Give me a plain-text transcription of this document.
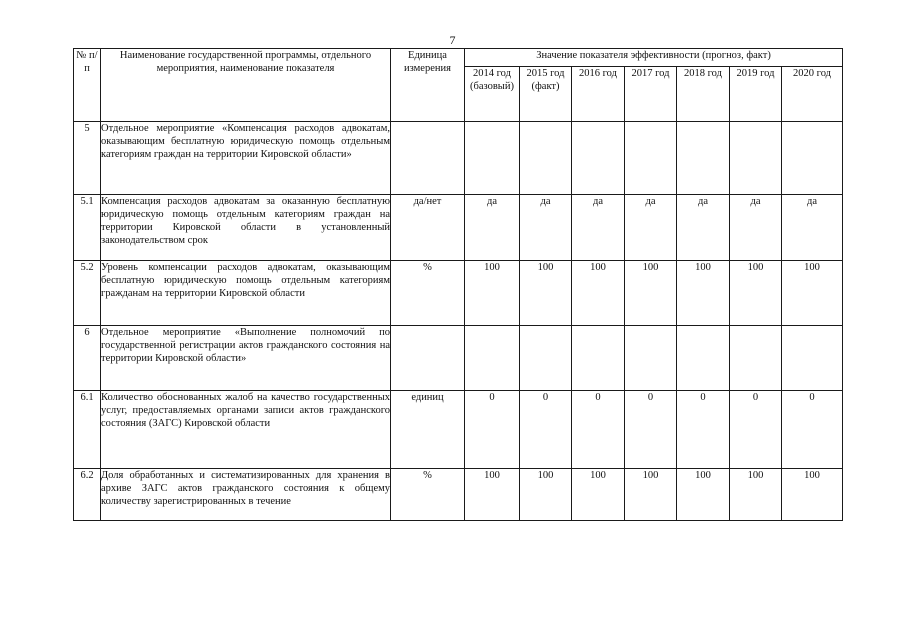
7
№ п/п	Наименование государственной программы, отдельного мероприятия, наименование показателя	Единица измерения	Значение показателя эффективности (прогноз, факт)						
			2014 год (базовый)	2015 год (факт)	2016 год	2017 год	2018 год	2019 год	2020 год
5	Отдельное мероприятие «Компенсация расходов адвокатам, оказывающим бесплатную юридическую помощь отдельным категориям граждан на территории Кировской области»								
5.1	Компенсация расходов адвокатам за оказанную бесплатную юридическую помощь отдельным категориям граждан на территории Кировской области в установленный законодательством срок	да/нет	да	да	да	да	да	да	да
5.2	Уровень компенсации расходов адвокатам, оказывающим бесплатную юридическую помощь отдельным категориям гражданам на территории Кировской области	%	100	100	100	100	100	100	100
6	Отдельное мероприятие «Выполнение полномочий по государственной регистрации актов гражданского состояния на территории Кировской области»								
6.1	Количество обоснованных жалоб на качество государственных услуг, предоставляемых органами записи актов гражданского состояния (ЗАГС) Кировской области	единиц	0	0	0	0	0	0	0
6.2	Доля обработанных и систематизированных для хранения в архиве ЗАГС актов гражданского состояния к общему количеству зарегистрированных в течение	%	100	100	100	100	100	100	100
